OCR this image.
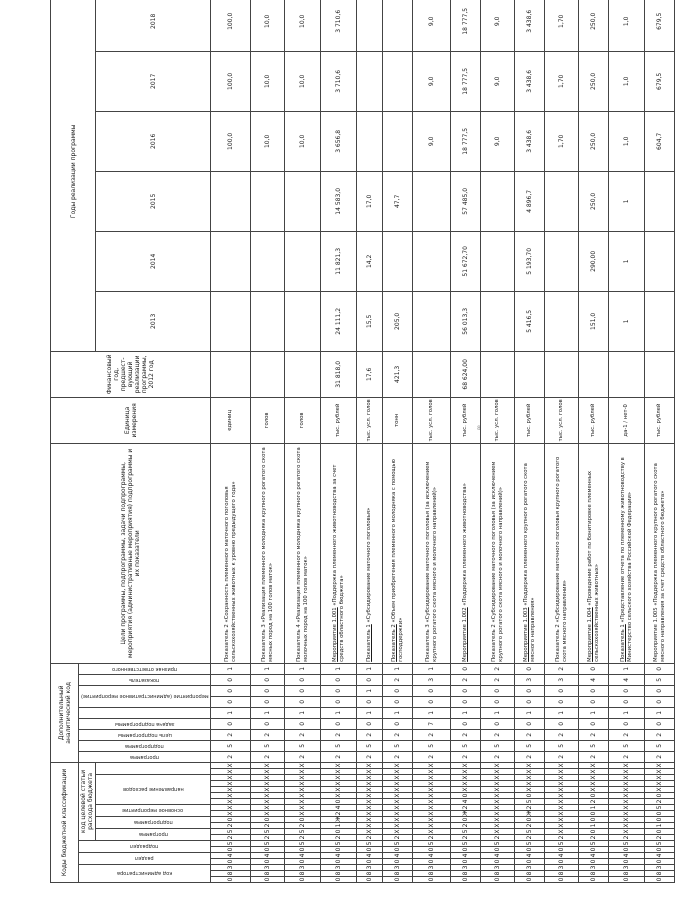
8
Коды бюджетной классификации																				Дополнительный аналитический код									Цели программы, подпрограммы, задачи подпрограммы, мероприятия (административные мероприятия) подпрограммы и их показатели	Единица измерения	Финансовый год, предшест-вующий реализации программы, 2012 год	Годы реализации программы	
код администратора			раздел		подраздел		код целевой статьи расхода бюджета													программа	подпрограмма	цель подпрограммы	задача подпрограммы		мероприятие (административное мероприятие)		показатель	признак ответственного										
							программа		подпрограмма		основное мероприятие		направление расходов																			2013	2014	2015	2016	2017	2018	
0	8	3	0	4	0	5	2	5	2	0	X	X	X	X	X	X	X	X	X	2	5	2	0	1	0	0	0	1	Показатель 2 «Сохранность племенного маточного поголовья сельскохозяйственных животных к уровню предыдущего года»	единиц					100,0	100,0	100,0	
0	8	3	0	4	0	5	2	5	2	0	X	X	X	X	X	X	X	X	X	2	5	2	0	1	0	0	0	1	Показатель 3 «Реализация племенного молодняка крупного рогатого скота мясных пород на 100 голов маток»	голов					10,0	10,0	10,0	
0	8	3	0	4	0	5	2	5	2	0	X	X	X	X	X	X	X	X	X	2	5	2	0	1	0	0	0	1	Показатель 4 «Реализация племенного молодняка крупного рогатого скота молочных пород на 100 голов маток»	голов					10,0	10,0	10,0	
0	8	3	0	4	0	5	2	0	1	Ж	2	4	0	X	X	X	X	X	X	2	5	2	0	1	0	0	0	1	Мероприятие 1.001 «Поддержка племенного животноводства за счет средств областного бюджета»	тыс. рублей	31 818,0	24 111,2	11 821,3	14 583,0	3 656,8	3 710,6	3 710,6	
0	8	3	0	4	0	5	2	X	X	X	X	X	X	X	X	X	X	X	X	2	5	2	0	1	0	1	0	1	Показатель 1 «Субсидирование маточного поголовья»	тыс. усл. голов	17,6	15,5	14,2	17,0				
0	8	3	0	4	0	5	2	X	X	X	X	X	X	X	X	X	X	X	X	2	5	2	0	1	0	0	2	1	Показатель 2 «Объем приобретения племенного молодняка с помощью господдержки»	тонн	421,3	205,0		47,7				
0	8	3	0	4	0	5	2	X	X	X	X	X	X	X	X	X	X	X	X	2	5	2	7	1	0	0	3	1	Показатель 3 «Субсидирование маточного поголовья (за исключением крупного рогатого скота мясного и молочного направлений)»	тыс. усл. голов					9,0	9,0	9,0	
0	8	3	0	4	0	5	2	5	2	0	Ж	2	4	0	X	X	X	X	X	2	5	2	0	1	0	0	2	0	Мероприятие 1.002 «Поддержка племенного животноводства»	тыс. рублей	68 624,00	56 013,3	51 672,70	57 485,0	18 777,5	18 777,5	18 777,5	
0	8	3	0	4	0	5	2	X	X	X	X	X	X	X	X	X	X	X	X	2	5	2	0	1	0	0	2	2	Показатель 2 «Субсидирование маточного поголовья (за исключением крупного рогатого скота мясного и молочного направлений)»	тыс. усл. голов					9,0	9,0	9,0	
0	8	3	0	4	0	5	2	5	2	0	Ж	2	5	0	X	X	X	X	X	2	5	2	0	1	0	0	3	0	Мероприятие 1.003 «Поддержка племенного крупного рогатого скота мясного направления»	тыс. рублей		5 416,5	5 193,70	4 896,7	3 438,6	3 438,6	3 438,6	
0	8	3	0	4	0	5	2	X	X	X	X	X	X	X	X	X	X	X	X	2	5	2	0	1	0	0	3	2	Показатель 2 «Субсидирование маточного поголовья крупного рогатого скота мясного направления»	тыс. усл. голов					1,70	1,70	1,70	
0	8	3	0	4	0	5	2	0	1	0	0	1	2	0	X	X	X	X	X	2	5	2	0	1	0	0	4	0	Мероприятие 1.004 «Проведение работ по бонитировке племенных сельскохозяйственных животных»	тыс. рублей		151,0	290,00	250,0	250,0	250,0	250,0	
0	8	3	0	4	0	5	2	X	X	X	X	X	X	X	X	X	X	X	X	2	5	2	0	1	0	0	4	1	Показатель 1 «Представление отчета по племенному животноводству в Министерство сельского хозяйства Российской Федерации»	да-1 / нет-0		1	1	1	1,0	1,0	1,0	
0	8	3	0	4	0	5	2	0	1	0	0	5	2	0	X	X	X	X	X	2	5	2	0	1	0	0	5	0	Мероприятие 1.005 «Поддержка племенного крупного рогатого скота мясного направления за счет средств областного бюджета»	тыс. рублей					604,7	679,5	679,5	
